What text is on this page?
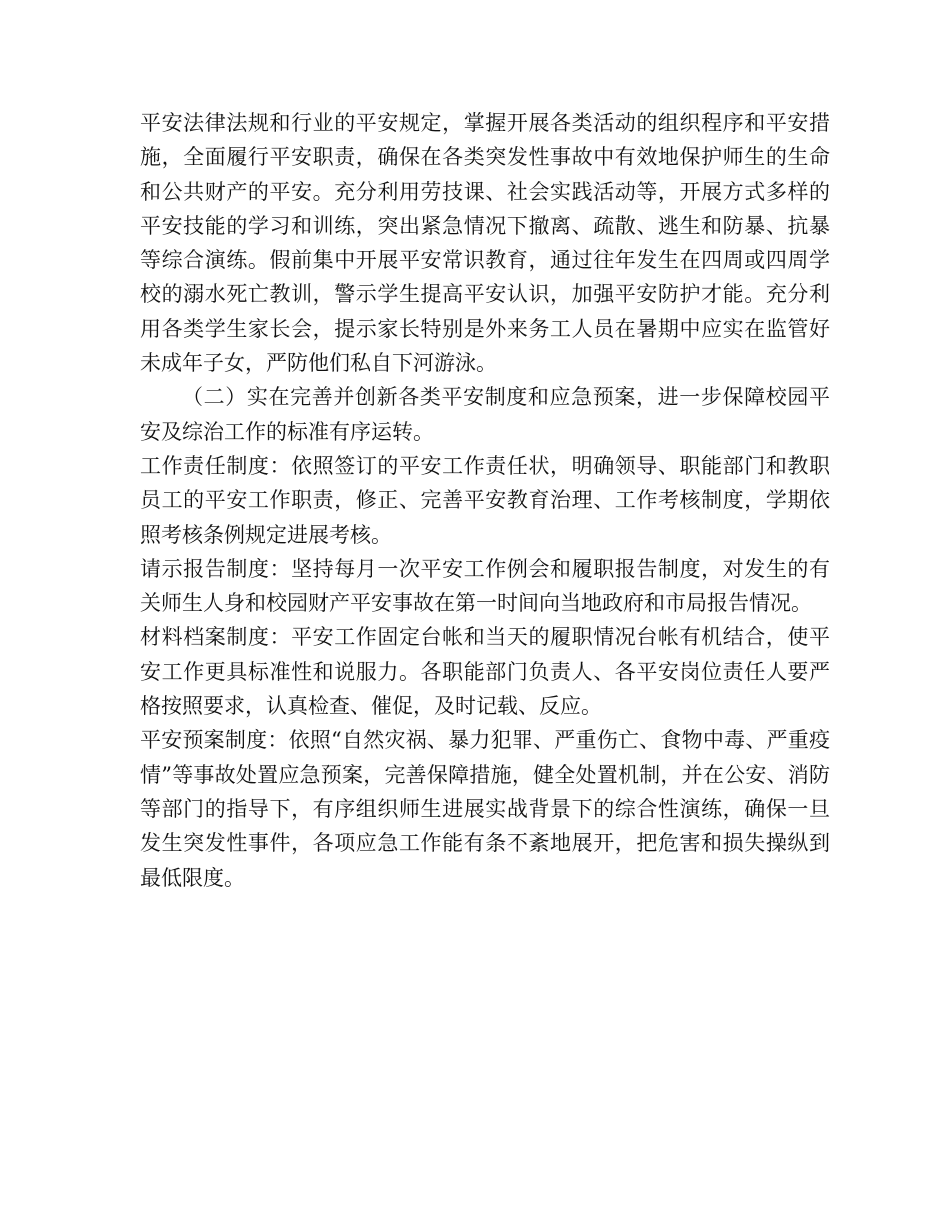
平安法律法规和行业的平安规定，掌握开展各类活动的组织程序和平安措施，全面履行平安职责，确保在各类突发性事故中有效地保护师生的生命和公共财产的平安。充分利用劳技课、社会实践活动等，开展方式多样的平安技能的学习和训练，突出紧急情况下撤离、疏散、逃生和防暴、抗暴等综合演练。假前集中开展平安常识教育，通过往年发生在四周或四周学校的溺水死亡教训，警示学生提高平安认识，加强平安防护才能。充分利用各类学生家长会，提示家长特别是外来务工人员在暑期中应实在监管好未成年子女，严防他们私自下河游泳。

（二）实在完善并创新各类平安制度和应急预案，进一步保障校园平安及综治工作的标准有序运转。

工作责任制度：依照签订的平安工作责任状，明确领导、职能部门和教职员工的平安工作职责，修正、完善平安教育治理、工作考核制度，学期依照考核条例规定进展考核。

请示报告制度：坚持每月一次平安工作例会和履职报告制度，对发生的有关师生人身和校园财产平安事故在第一时间向当地政府和市局报告情况。

材料档案制度：平安工作固定台帐和当天的履职情况台帐有机结合，使平安工作更具标准性和说服力。各职能部门负责人、各平安岗位责任人要严格按照要求，认真检查、催促，及时记载、反应。

平安预案制度：依照“自然灾祸、暴力犯罪、严重伤亡、食物中毒、严重疫情”等事故处置应急预案，完善保障措施，健全处置机制，并在公安、消防等部门的指导下，有序组织师生进展实战背景下的综合性演练，确保一旦发生突发性事件，各项应急工作能有条不紊地展开，把危害和损失操纵到最低限度。
